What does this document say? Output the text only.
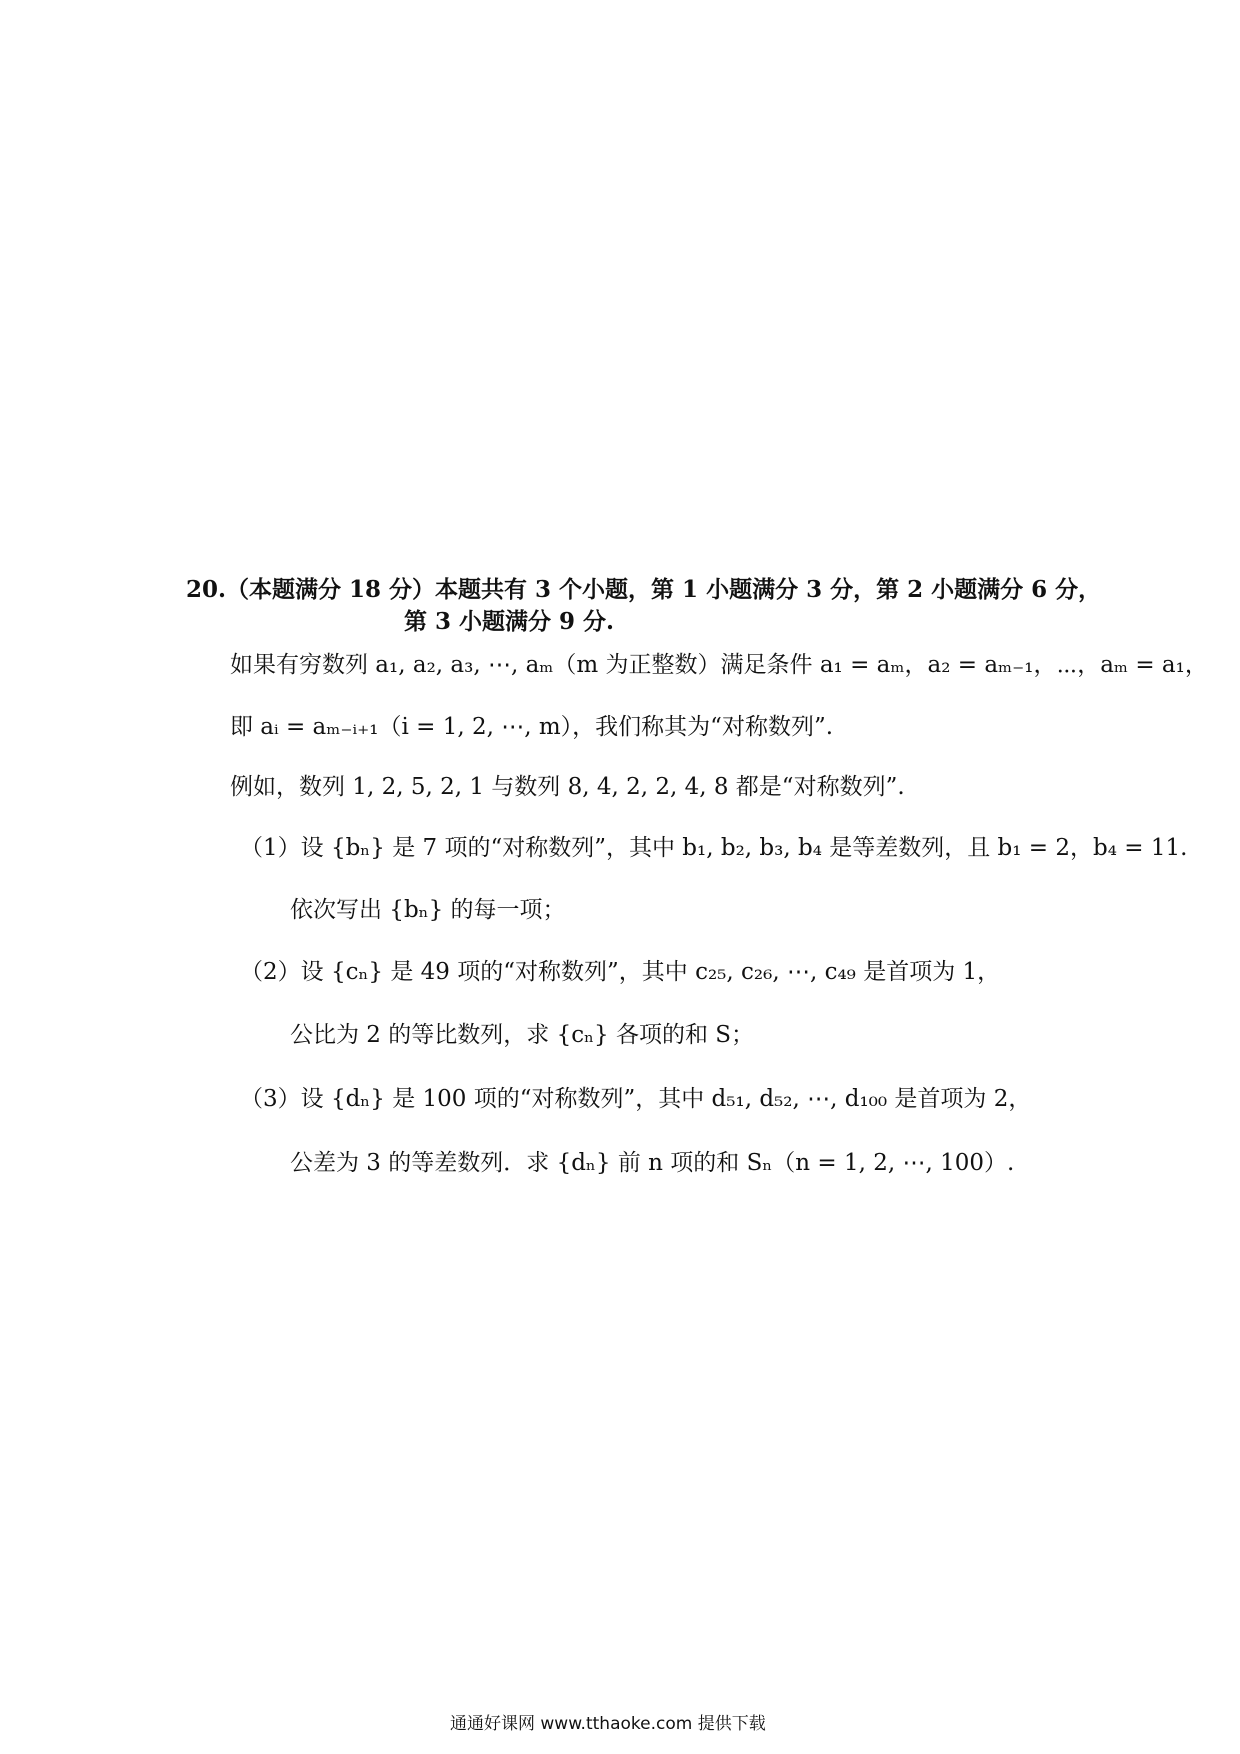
20.（本题满分 18 分）本题共有 3 个小题，第 1 小题满分 3 分，第 2 小题满分 6 分，
第 3 小题满分 9 分.
如果有穷数列 a₁, a₂, a₃, ⋯, aₘ（m 为正整数）满足条件 a₁ = aₘ，a₂ = aₘ₋₁，⋯，aₘ = a₁，
即 aᵢ = aₘ₋ᵢ₊₁（i = 1, 2, ⋯, m），我们称其为“对称数列”.
例如，数列 1, 2, 5, 2, 1 与数列 8, 4, 2, 2, 4, 8 都是“对称数列”.
（1）设 {bₙ} 是 7 项的“对称数列”，其中 b₁, b₂, b₃, b₄ 是等差数列，且 b₁ = 2，b₄ = 11.
依次写出 {bₙ} 的每一项；
（2）设 {cₙ} 是 49 项的“对称数列”，其中 c₂₅, c₂₆, ⋯, c₄₉ 是首项为 1，
公比为 2 的等比数列，求 {cₙ} 各项的和 S；
（3）设 {dₙ} 是 100 项的“对称数列”，其中 d₅₁, d₅₂, ⋯, d₁₀₀ 是首项为 2，
公差为 3 的等差数列．求 {dₙ} 前 n 项的和 Sₙ（n = 1, 2, ⋯, 100）.
通通好课网 www.tthaoke.com 提供下载
